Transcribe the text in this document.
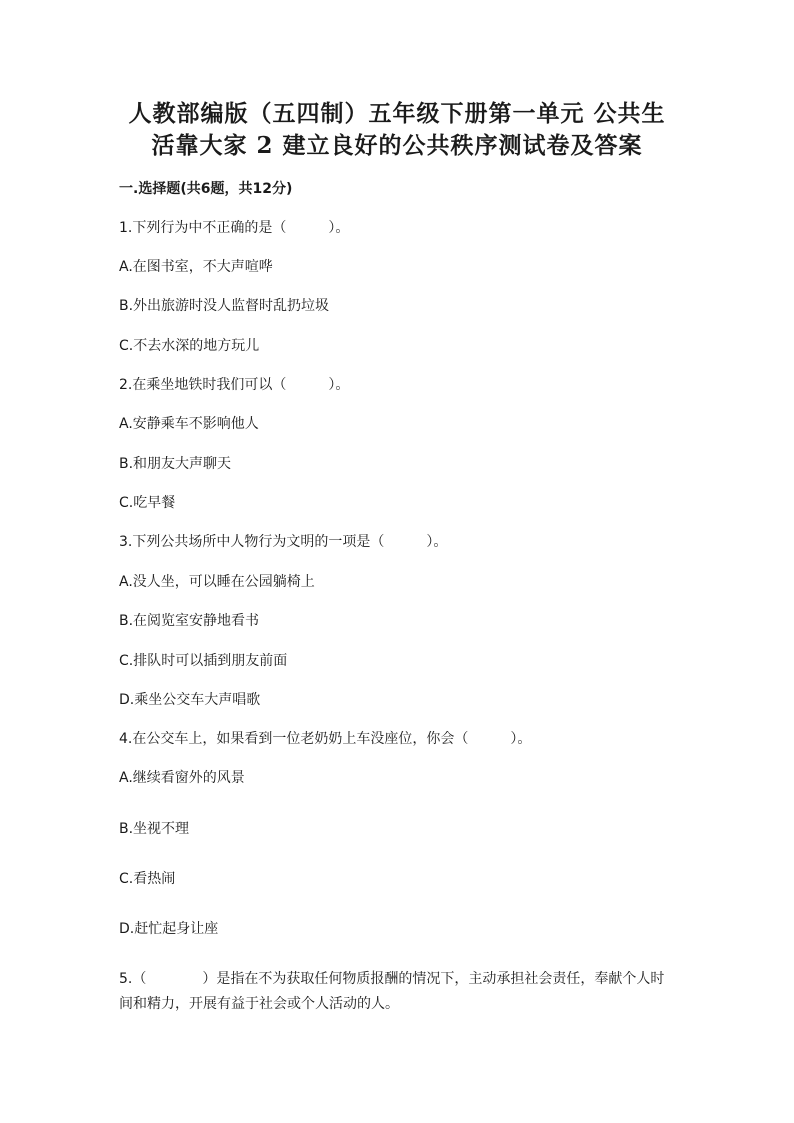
人教部编版（五四制）五年级下册第一单元 公共生
活靠大家 2 建立良好的公共秩序测试卷及答案
一.选择题(共6题，共12分)
1.下列行为中不正确的是（　　　）。
A.在图书室，不大声喧哗
B.外出旅游时没人监督时乱扔垃圾
C.不去水深的地方玩儿
2.在乘坐地铁时我们可以（　　　）。
A.安静乘车不影响他人
B.和朋友大声聊天
C.吃早餐
3.下列公共场所中人物行为文明的一项是（　　　）。
A.没人坐，可以睡在公园躺椅上
B.在阅览室安静地看书
C.排队时可以插到朋友前面
D.乘坐公交车大声唱歌
4.在公交车上，如果看到一位老奶奶上车没座位，你会（　　　）。
A.继续看窗外的风景
B.坐视不理
C.看热闹
D.赶忙起身让座
5.（　　　　）是指在不为获取任何物质报酬的情况下，主动承担社会责任，奉献个人时间和精力，开展有益于社会或个人活动的人。
